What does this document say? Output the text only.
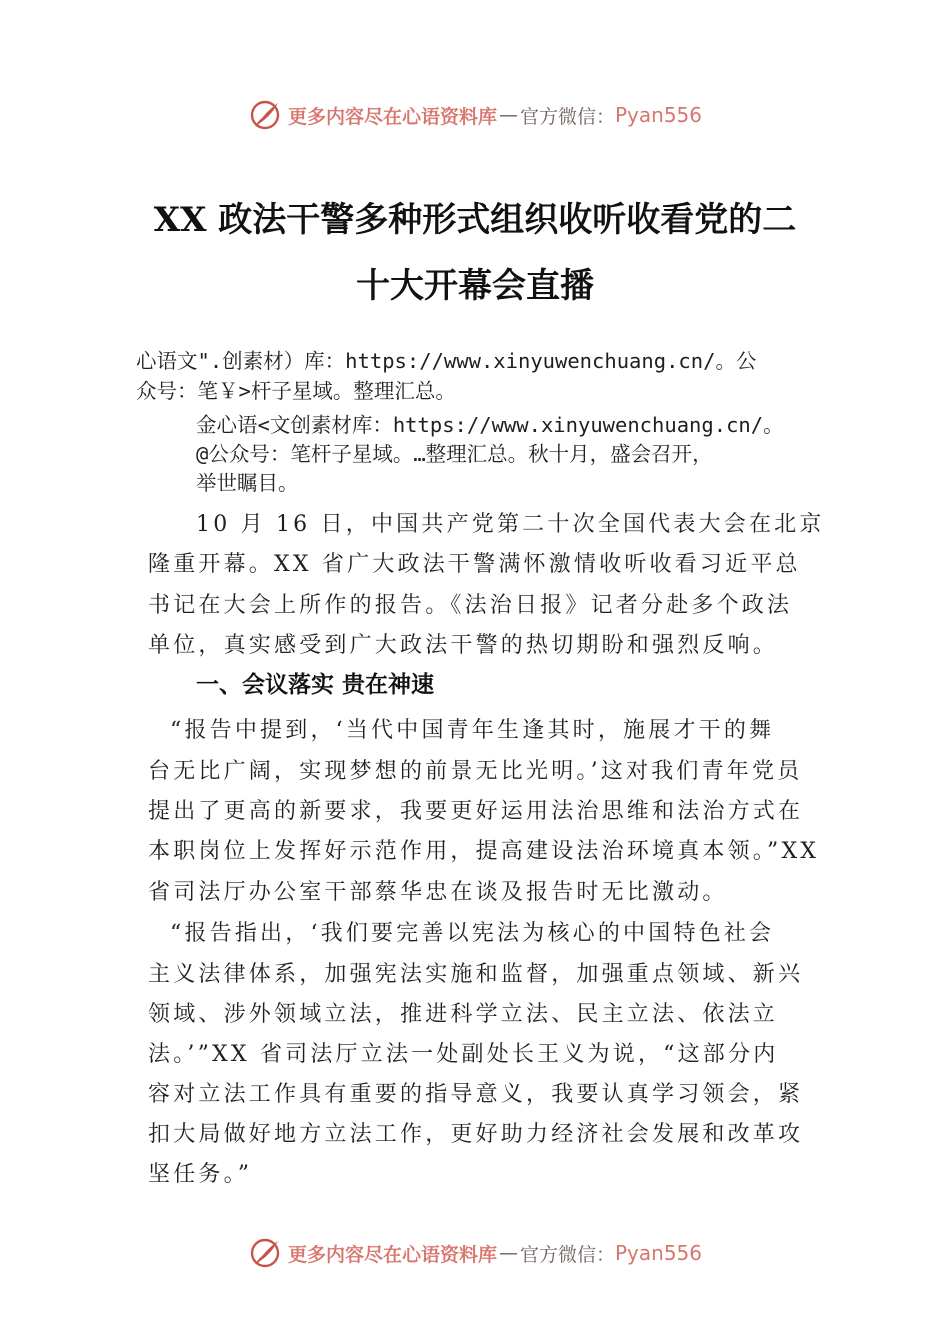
更多内容尽在心语资料库 — 官方微信： Pyan556
XX 政法干警多种形式组织收听收看党的二
十大开幕会直播
心语文".创素材）库：https://www.xinyuwenchuang.cn/。公
众号：笔￥>杆子星域。整理汇总。
金心语<文创素材库：https://www.xinyuwenchuang.cn/。
@公众号：笔杆子星域。…整理汇总。秋十月，盛会召开，
举世瞩目。
10 月 16 日，中国共产党第二十次全国代表大会在北京
隆重开幕。XX 省广大政法干警满怀激情收听收看习近平总
书记在大会上所作的报告。《法治日报》记者分赴多个政法
单位，真实感受到广大政法干警的热切期盼和强烈反响。
一、会议落实 贵在神速
“报告中提到，‘当代中国青年生逢其时，施展才干的舞
台无比广阔，实现梦想的前景无比光明。’这对我们青年党员
提出了更高的新要求，我要更好运用法治思维和法治方式在
本职岗位上发挥好示范作用，提高建设法治环境真本领。”XX
省司法厅办公室干部蔡华忠在谈及报告时无比激动。
“报告指出，‘我们要完善以宪法为核心的中国特色社会
主义法律体系，加强宪法实施和监督，加强重点领域、新兴
领域、涉外领域立法，推进科学立法、民主立法、依法立
法。’”XX 省司法厅立法一处副处长王义为说，“这部分内
容对立法工作具有重要的指导意义，我要认真学习领会，紧
扣大局做好地方立法工作，更好助力经济社会发展和改革攻
坚任务。”
更多内容尽在心语资料库 — 官方微信： Pyan556
